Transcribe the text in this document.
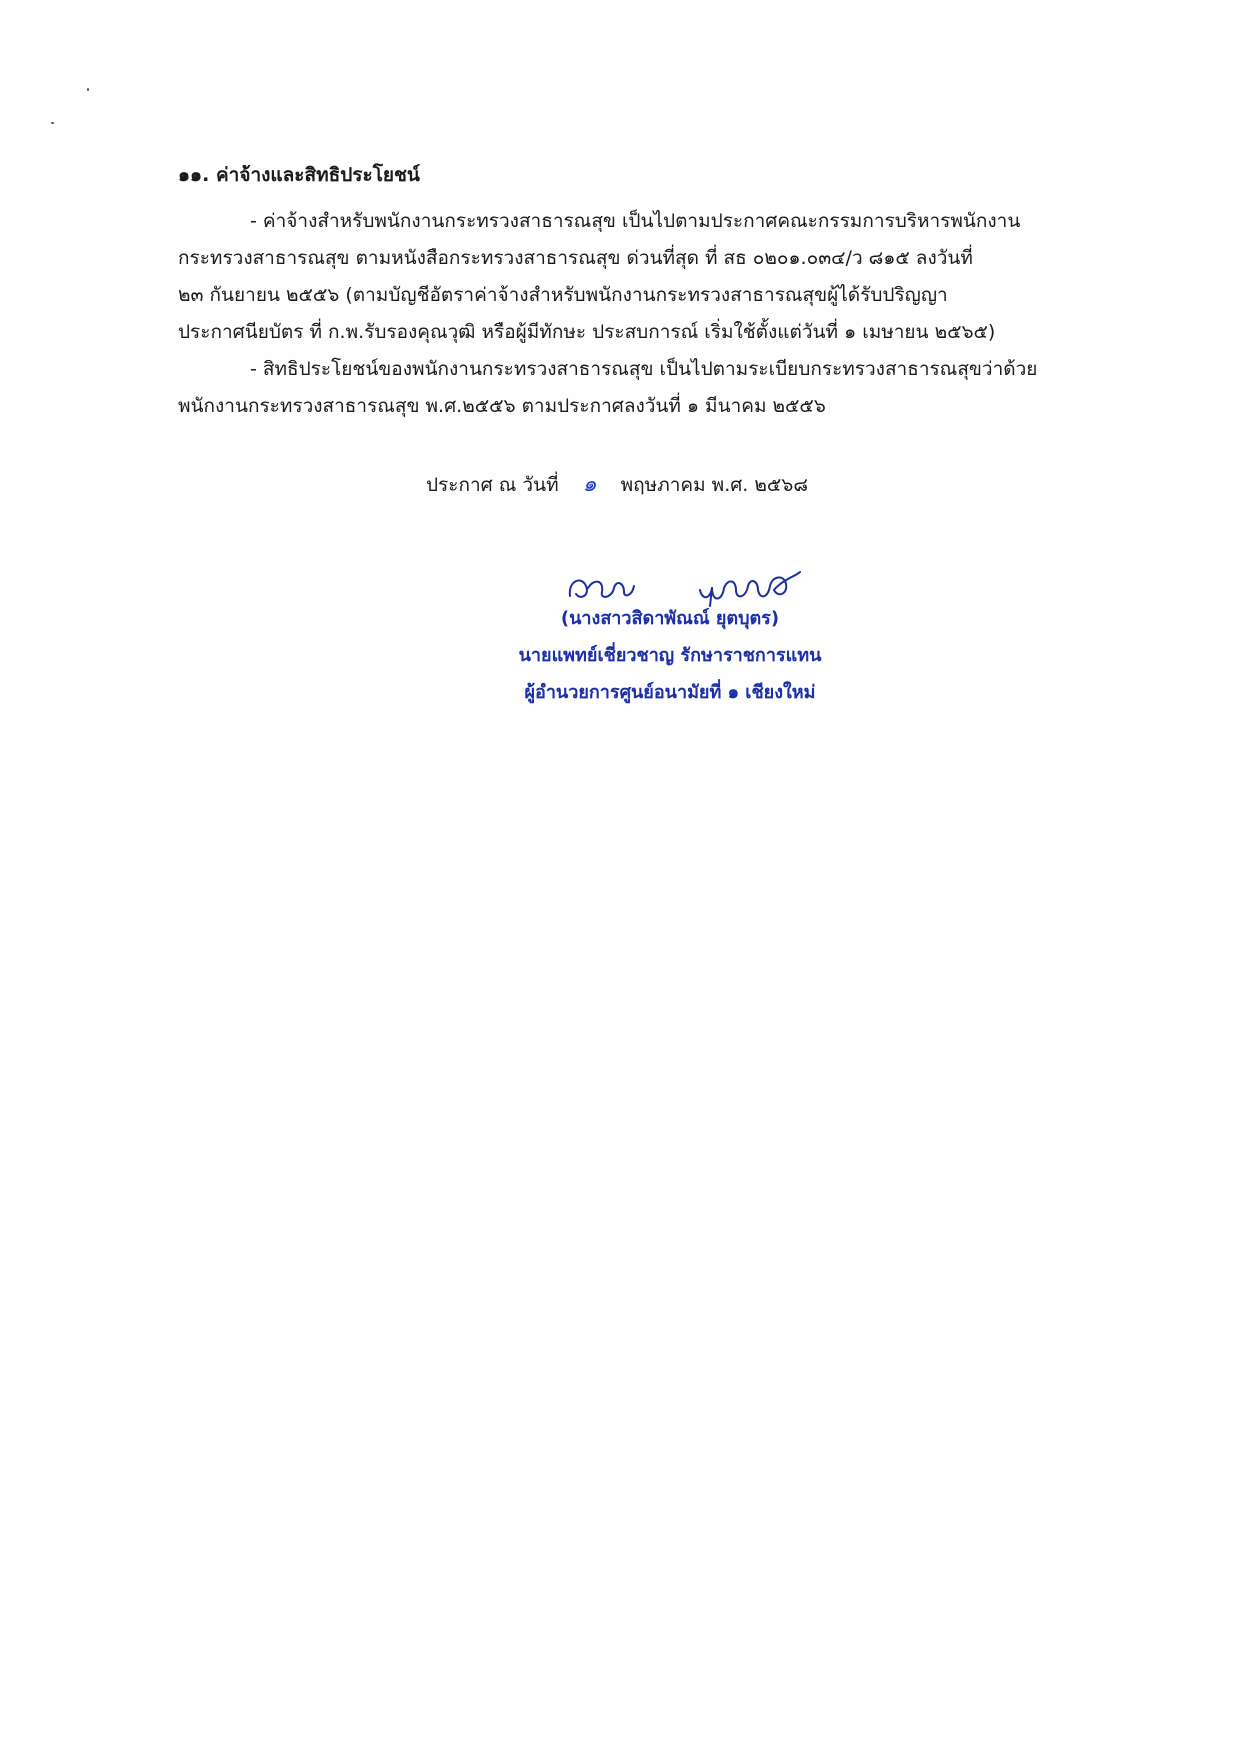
๑๑. ค่าจ้างและสิทธิประโยชน์
- ค่าจ้างสำหรับพนักงานกระทรวงสาธารณสุข เป็นไปตามประกาศคณะกรรมการบริหารพนักงาน
กระทรวงสาธารณสุข ตามหนังสือกระทรวงสาธารณสุข ด่วนที่สุด ที่ สธ ๐๒๐๑.๐๓๔/ว ๘๑๕ ลงวันที่
๒๓ กันยายน ๒๕๕๖ (ตามบัญชีอัตราค่าจ้างสำหรับพนักงานกระทรวงสาธารณสุขผู้ได้รับปริญญา
ประกาศนียบัตร ที่ ก.พ.รับรองคุณวุฒิ หรือผู้มีทักษะ ประสบการณ์ เริ่มใช้ตั้งแต่วันที่ ๑ เมษายน ๒๕๖๕)
- สิทธิประโยชน์ของพนักงานกระทรวงสาธารณสุข เป็นไปตามระเบียบกระทรวงสาธารณสุขว่าด้วย
พนักงานกระทรวงสาธารณสุข พ.ศ.๒๕๕๖ ตามประกาศลงวันที่ ๑ มีนาคม ๒๕๕๖
ประกาศ ณ วันที่ ๑ พฤษภาคม พ.ศ. ๒๕๖๘
(นางสาวสิดาพัณณ์ ยุตบุตร)
นายแพทย์เชี่ยวชาญ รักษาราชการแทน
ผู้อำนวยการศูนย์อนามัยที่ ๑ เชียงใหม่
